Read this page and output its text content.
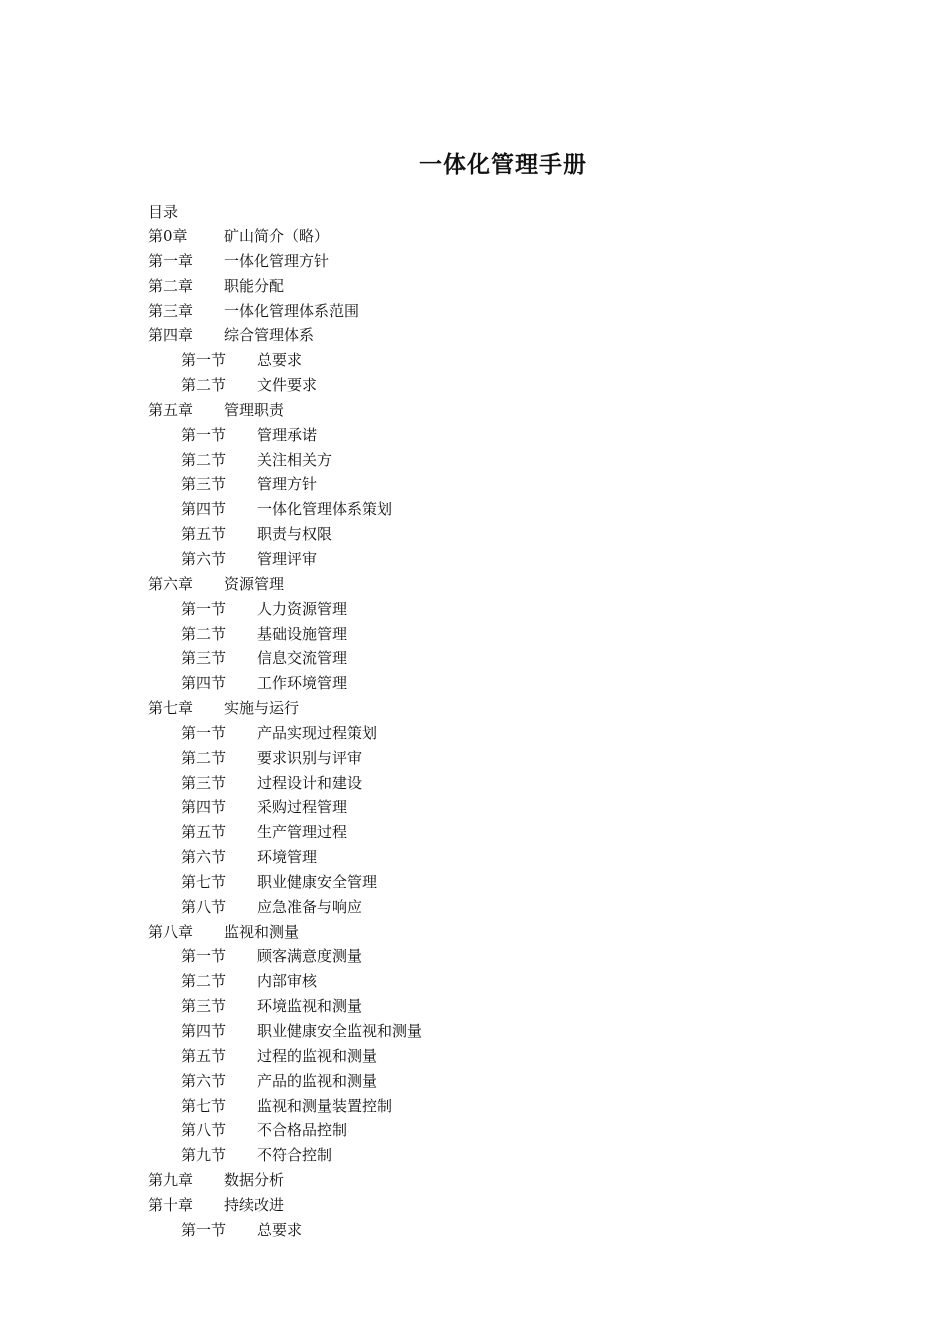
一体化管理手册
目录
第0章 矿山简介（略）
第一章 一体化管理方针
第二章 职能分配
第三章 一体化管理体系范围
第四章 综合管理体系
第一节 总要求
第二节 文件要求
第五章 管理职责
第一节 管理承诺
第二节 关注相关方
第三节 管理方针
第四节 一体化管理体系策划
第五节 职责与权限
第六节 管理评审
第六章 资源管理
第一节 人力资源管理
第二节 基础设施管理
第三节 信息交流管理
第四节 工作环境管理
第七章 实施与运行
第一节 产品实现过程策划
第二节 要求识别与评审
第三节 过程设计和建设
第四节 采购过程管理
第五节 生产管理过程
第六节 环境管理
第七节 职业健康安全管理
第八节 应急准备与响应
第八章 监视和测量
第一节 顾客满意度测量
第二节 内部审核
第三节 环境监视和测量
第四节 职业健康安全监视和测量
第五节 过程的监视和测量
第六节 产品的监视和测量
第七节 监视和测量装置控制
第八节 不合格品控制
第九节 不符合控制
第九章 数据分析
第十章 持续改进
第一节 总要求
